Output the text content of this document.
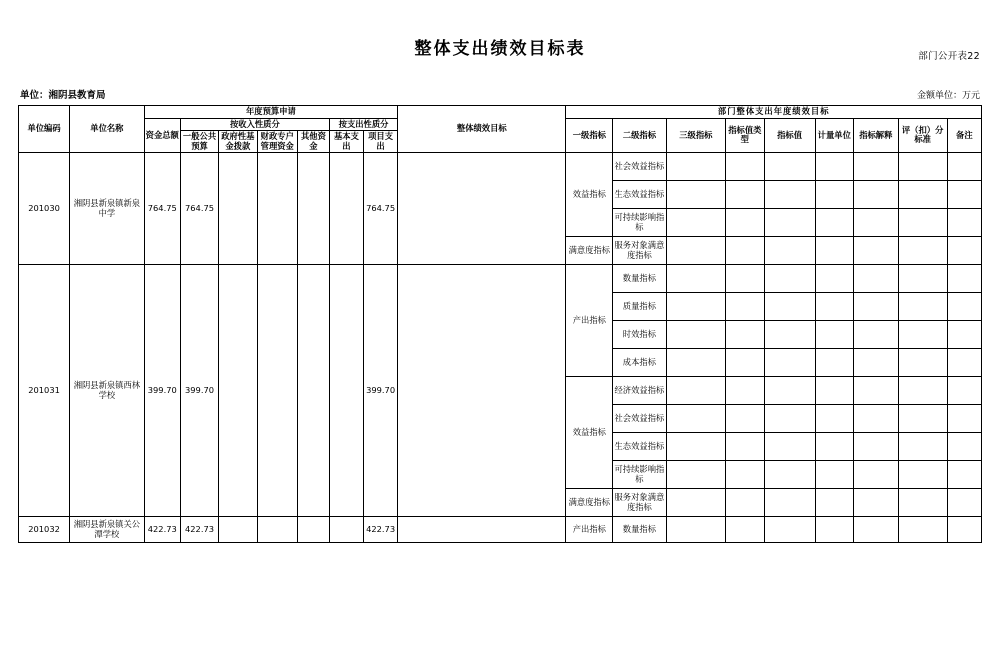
部门公开表22
整体支出绩效目标表
单位：湘阴县教育局	金额单位：万元
单位编码	单位名称	年度预算申请							整体绩效目标	部门整体支出年度绩效目标								
		资金总额	按收入性质分				按支出性质分			一级指标	二级指标	三级指标	指标值类型	指标值	计量单位	指标解释	评（扣）分标准	备注
			一般公共预算	政府性基金拨款	财政专户管理资金	其他资金	基本支出	项目支出										
201030	湘阴县新泉镇新泉中学	764.75	764.75					764.75		效益指标	社会效益指标							
											生态效益指标							
											可持续影响指标							
										满意度指标	服务对象满意度指标							
201031	湘阴县新泉镇西林学校	399.70	399.70					399.70		产出指标	数量指标							
											质量指标							
											时效指标							
											成本指标							
										效益指标	经济效益指标							
											社会效益指标							
											生态效益指标							
											可持续影响指标							
										满意度指标	服务对象满意度指标							
201032	湘阴县新泉镇关公潭学校	422.73	422.73					422.73		产出指标	数量指标							
